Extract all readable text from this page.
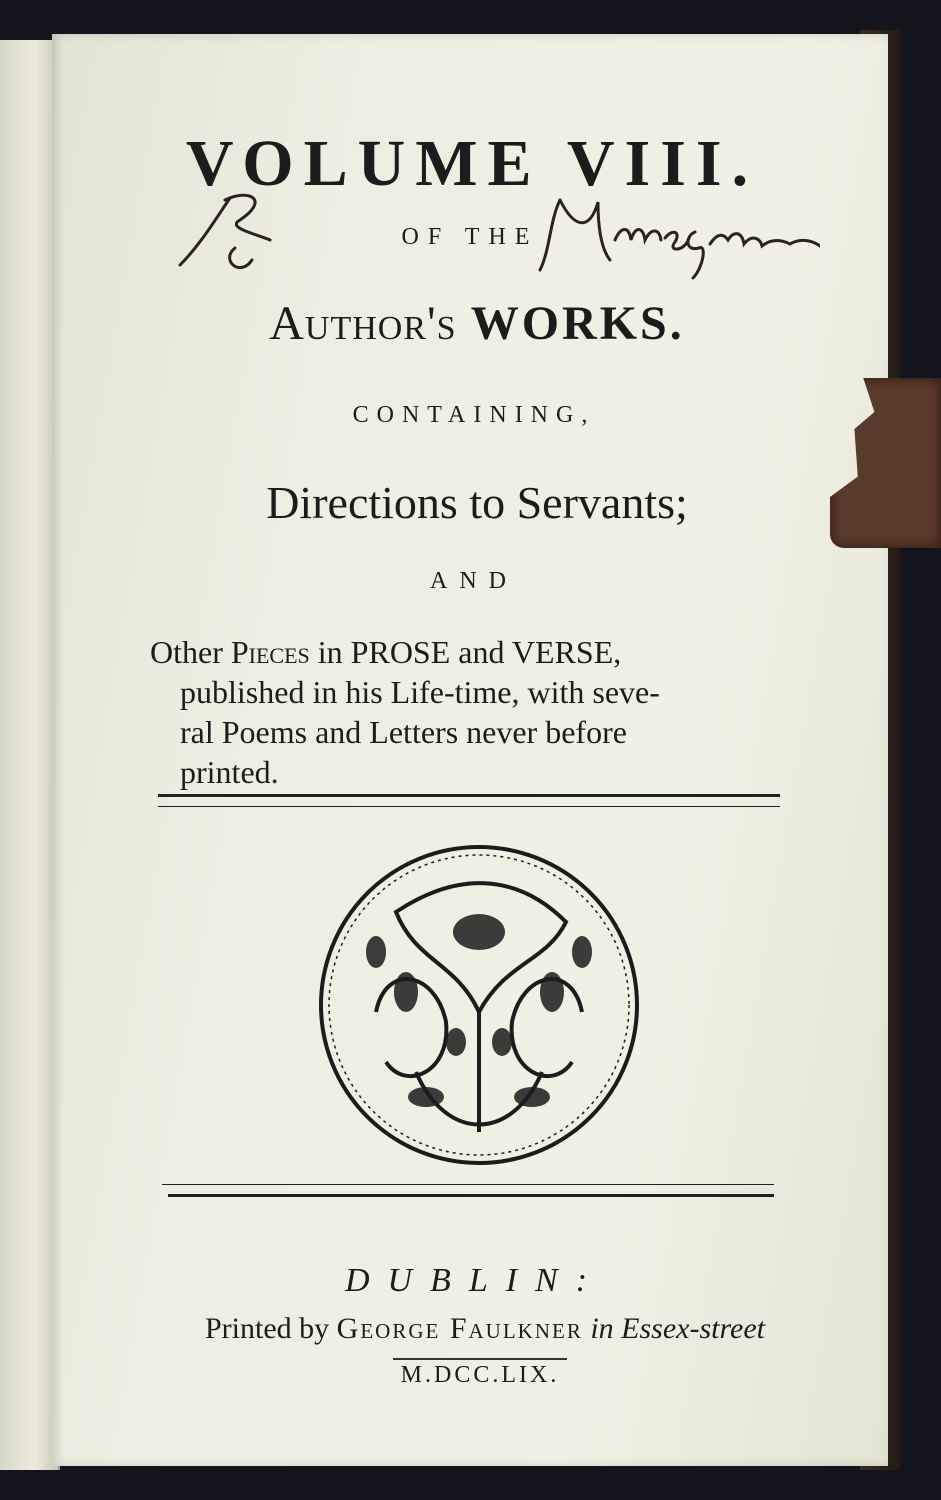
VOLUME VIII.
OF THE
Author's WORKS.
CONTAINING,
Directions to Servants;
AND

Other Pieces in PROSE and VERSE,

published in his Life-time, with seve-

ral Poems and Letters never before

printed.

DUBLIN:
Printed by George Faulkner in Essex-street
M.DCC.LIX.
